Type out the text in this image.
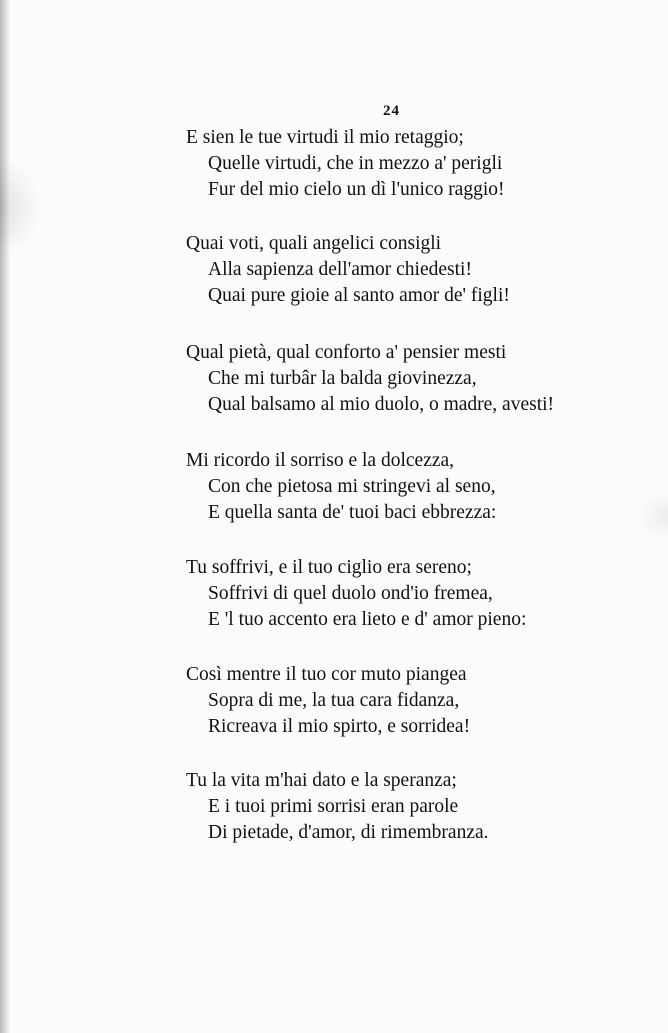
24
E sien le tue virtudi il mio retaggio;
Quelle virtudi, che in mezzo a' perigli
Fur del mio cielo un dì l'unico raggio!
Quai voti, quali angelici consigli
Alla sapienza dell'amor chiedesti!
Quai pure gioie al santo amor de' figli!
Qual pietà, qual conforto a' pensier mesti
Che mi turbâr la balda giovinezza,
Qual balsamo al mio duolo, o madre, avesti!
Mi ricordo il sorriso e la dolcezza,
Con che pietosa mi stringevi al seno,
E quella santa de' tuoi baci ebbrezza:
Tu soffrivi, e il tuo ciglio era sereno;
Soffrivi di quel duolo ond'io fremea,
E 'l tuo accento era lieto e d' amor pieno:
Così mentre il tuo cor muto piangea
Sopra di me, la tua cara fidanza,
Ricreava il mio spirto, e sorridea!
Tu la vita m'hai dato e la speranza;
E i tuoi primi sorrisi eran parole
Di pietade, d'amor, di rimembranza.
